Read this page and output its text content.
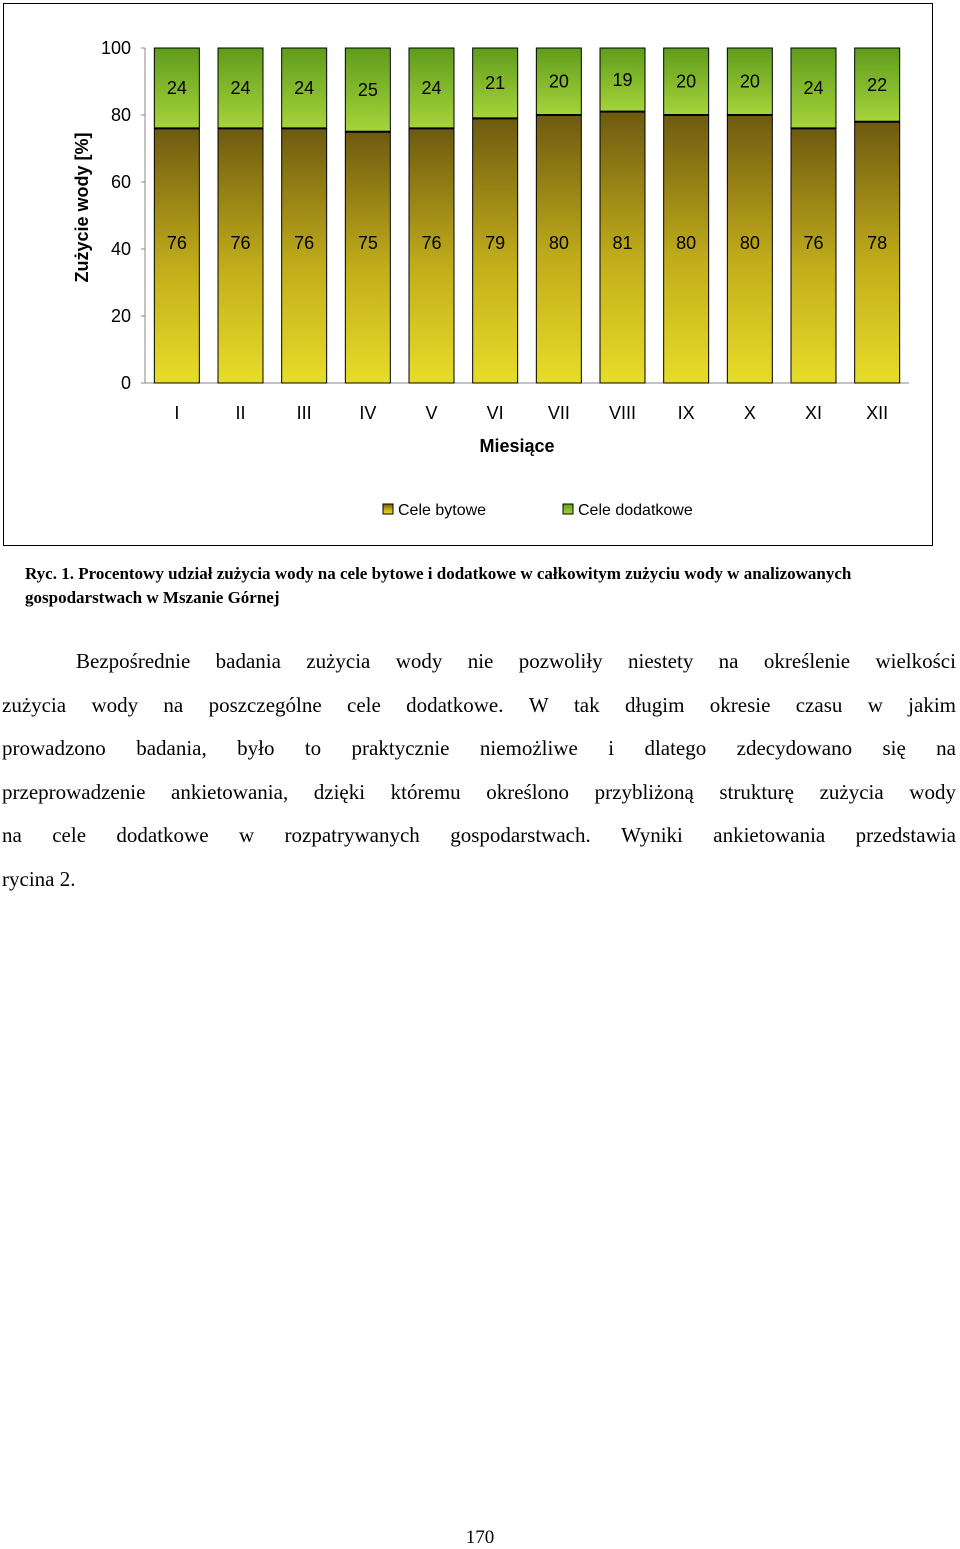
0
20
40
60
80
100
Zużycie wody [%]	76
24
I
76
24
II
76
24
III
75
25
IV
76
24
V
79
21
VI
80
20
VII
81
19
VIII
80
20
IX
80
20
X
76
24
XI
78
22
XII
Miesiące
Cele bytowe	Cele dodatkowe
Ryc. 1. Procentowy udział zużycia wody na cele bytowe i dodatkowe w całkowitym zużyciu wody w analizowanych gospodarstwach w Mszanie Górnej
Bezpośrednie badania zużycia wody nie pozwoliły niestety na określenie wielkości
zużycia wody na poszczególne cele dodatkowe. W tak długim okresie czasu w jakim
prowadzono badania, było to praktycznie niemożliwe i dlatego zdecydowano się na
przeprowadzenie ankietowania, dzięki któremu określono przybliżoną strukturę zużycia wody
na cele dodatkowe w rozpatrywanych gospodarstwach. Wyniki ankietowania przedstawia
rycina 2.
170
